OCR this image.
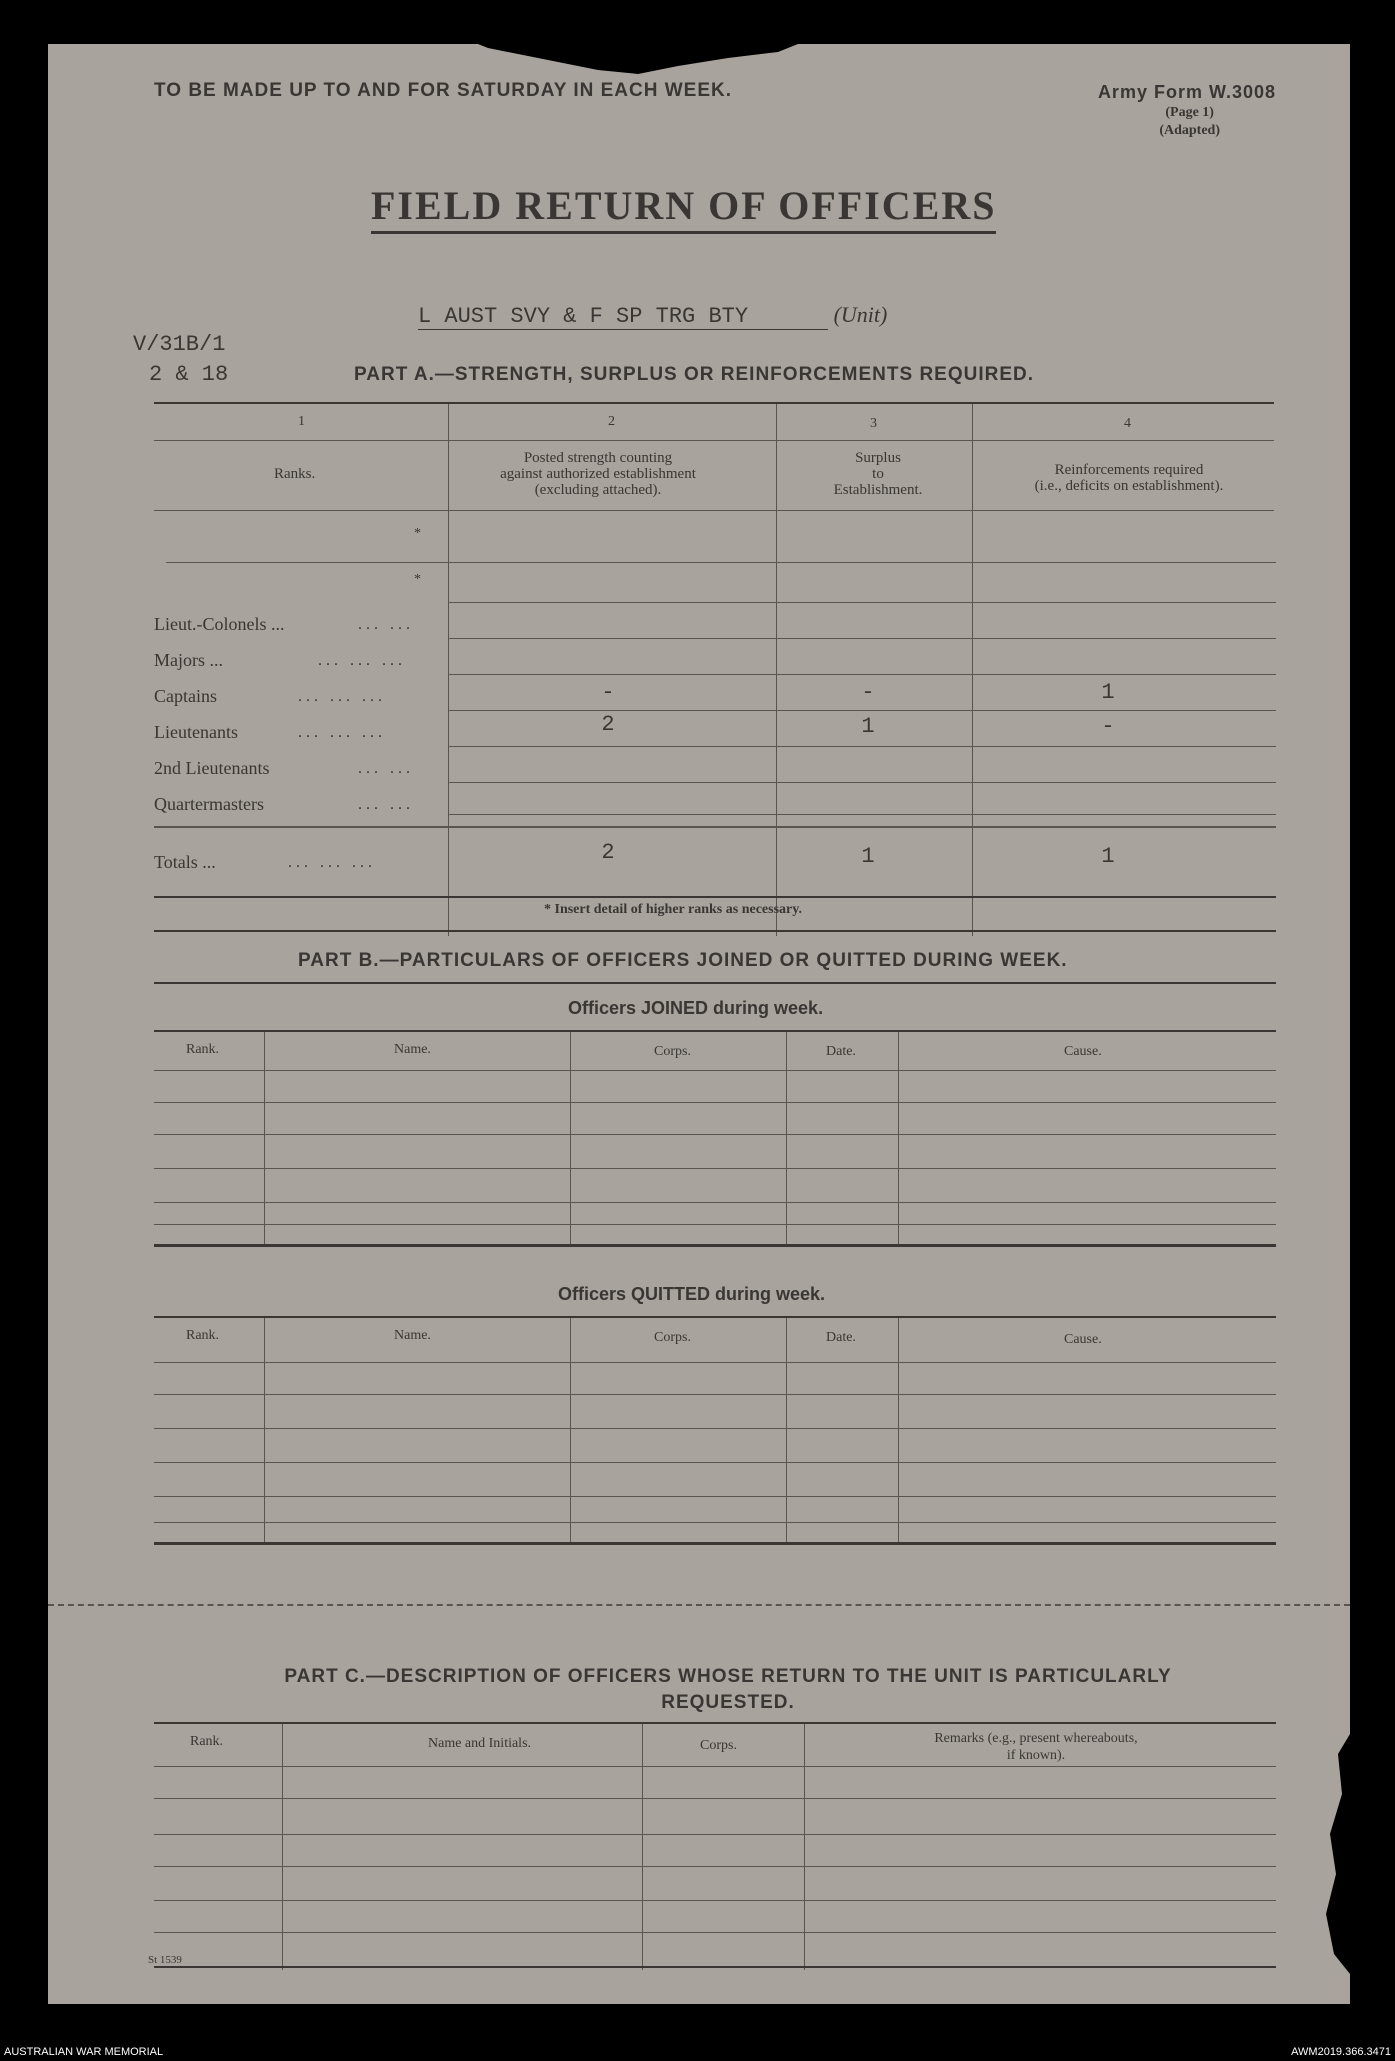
TO BE MADE UP TO AND FOR SATURDAY IN EACH WEEK.	Army Form W.3008
(Page 1)
(Adapted)
FIELD RETURN OF OFFICERS
L AUST SVY & F SP TRG BTY	(Unit)
V/31B/1
2 & 18	PART A.—STRENGTH, SURPLUS OR REINFORCEMENTS REQUIRED.
1	2	3	4
Ranks.
Posted strength counting
against authorized establishment
(excluding attached).
Surplus
to
Establishment.
Reinforcements required
(i.e., deficits on establishment).
*
*
Lieut.-Colonels ...	... ...
Majors ...	... ... ...
Captains	... ... ...	-	-	1
Lieutenants	... ... ...	2	1	-
2nd Lieutenants	... ...
Quartermasters	... ...
Totals ...	... ... ...	2	1	1
* Insert detail of higher ranks as necessary.
PART B.—PARTICULARS OF OFFICERS JOINED OR QUITTED DURING WEEK.
Officers JOINED during week.
Rank.	Name.	Corps.	Date.	Cause.
Officers QUITTED during week.
Rank.	Name.	Corps.	Date.	Cause.
PART C.—DESCRIPTION OF OFFICERS WHOSE RETURN TO THE UNIT IS PARTICULARLY
REQUESTED.
Rank.	Name and Initials.	Corps.	Remarks (e.g., present whereabouts,
if known).
St 1539
AUSTRALIAN WAR MEMORIAL	AWM2019.366.3471
